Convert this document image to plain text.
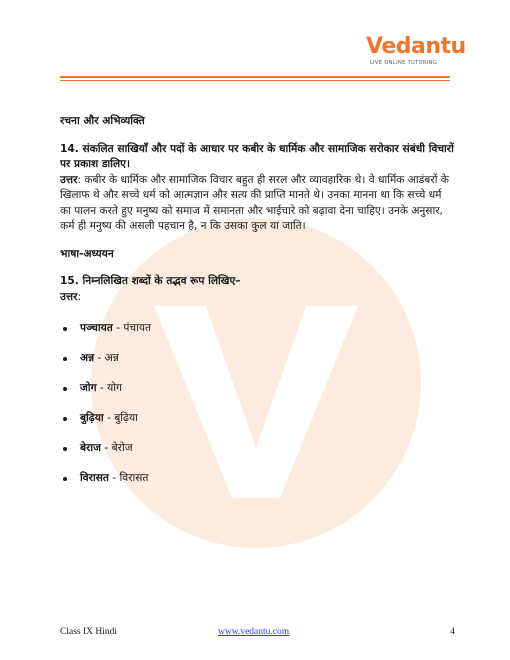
Vedantu
LIVE ONLINE TUTORING

रचना और अभिव्यक्ति

14. संकलित साखियाँ और पदों के आधार पर कबीर के धार्मिक और सामाजिक सरोकार संबंधी विचारों पर प्रकाश डालिए।

उत्तर: कबीर के धार्मिक और सामाजिक विचार बहुत ही सरल और व्यावहारिक थे। वे धार्मिक आडंबरों के खिलाफ थे और सच्चे धर्म को आत्मज्ञान और सत्य की प्राप्ति मानते थे। उनका मानना था कि सच्चे धर्म का पालन करते हुए मनुष्य को समाज में समानता और भाईचारे को बढ़ावा देना चाहिए। उनके अनुसार, कर्म ही मनुष्य की असली पहचान है, न कि उसका कुल या जाति।

भाषा-अध्ययन

15. निम्नलिखित शब्दों के तद्भव रूप लिखिए–

उत्तर:

पञ्चायत - पंचायत
अन्न - अन्न
जोग - योग
बुढ़िया - बुढ़िया
बेराज - बेरोज
विरासत - विरासत
Class IX Hindi	www.vedantu.com	4
